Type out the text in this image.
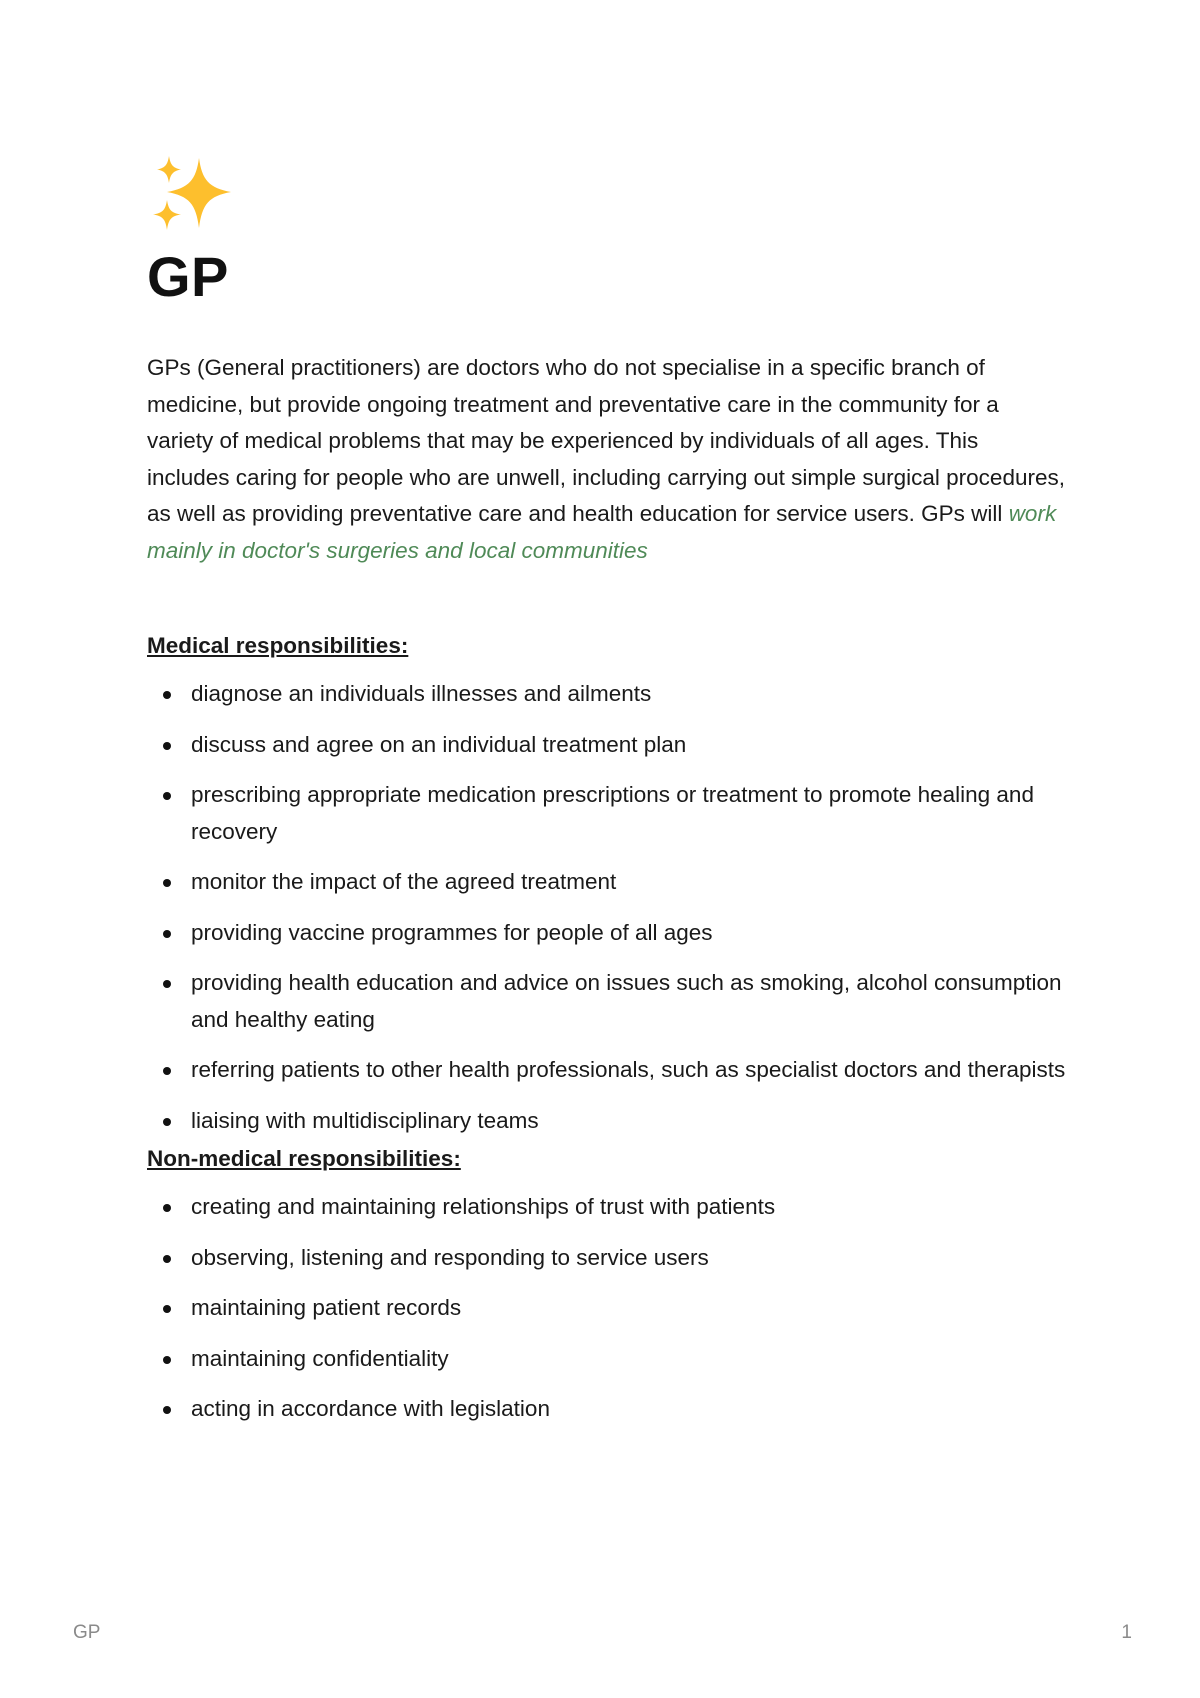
GP

GPs (General practitioners) are doctors who do not specialise in a specific branch of medicine, but provide ongoing treatment and preventative care in the community for a variety of medical problems that may be experienced by individuals of all ages. This includes caring for people who are unwell, including carrying out simple surgical procedures, as well as providing preventative care and health education for service users. GPs will work mainly in doctor's surgeries and local communities

Medical responsibilities:

diagnose an individuals illnesses and ailments
discuss and agree on an individual treatment plan
prescribing appropriate medication prescriptions or treatment to promote healing and recovery
monitor the impact of the agreed treatment
providing vaccine programmes for people of all ages
providing health education and advice on issues such as smoking, alcohol consumption and healthy eating
referring patients to other health professionals, such as specialist doctors and therapists
liaising with multidisciplinary teams

Non-medical responsibilities:

creating and maintaining relationships of trust with patients
observing, listening and responding to service users
maintaining patient records
maintaining confidentiality
acting in accordance with legislation
GP	1
